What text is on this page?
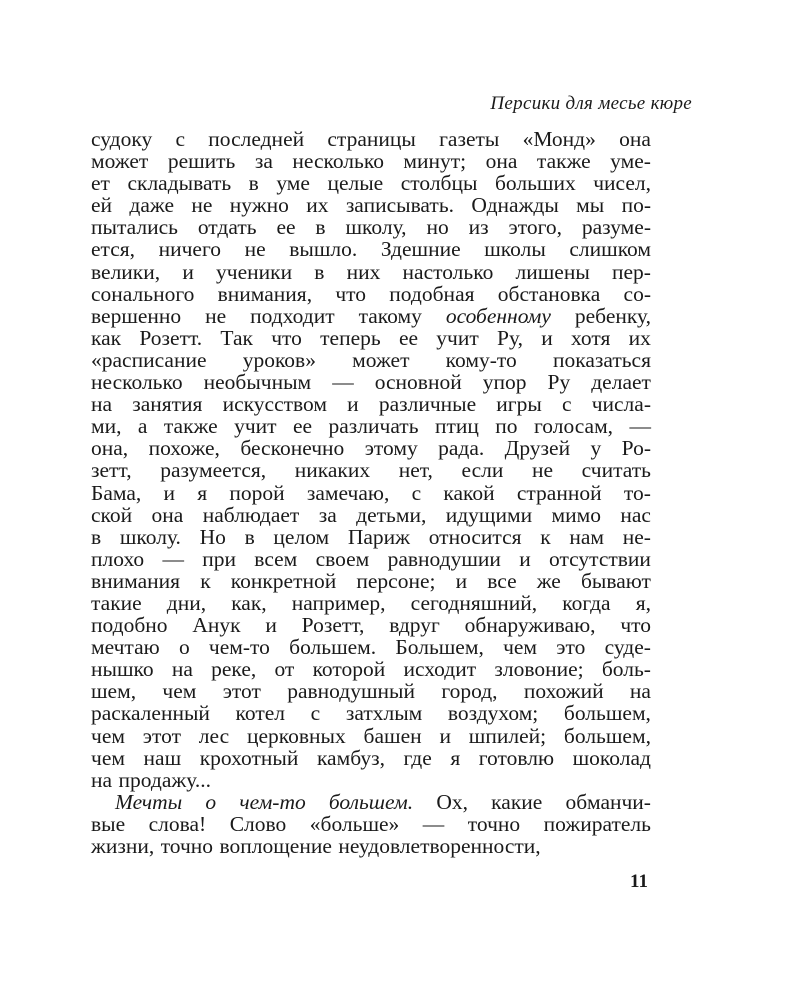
Персики для месье кюре
судоку с последней страницы газеты «Монд» она
может решить за несколько минут; она также уме-
ет складывать в уме целые столбцы больших чисел,
ей даже не нужно их записывать. Однажды мы по-
пытались отдать ее в школу, но из этого, разуме-
ется, ничего не вышло. Здешние школы слишком
велики, и ученики в них настолько лишены пер-
сонального внимания, что подобная обстановка со-
вершенно не подходит такому особенному ребенку,
как Розетт. Так что теперь ее учит Ру, и хотя их
«расписание уроков» может кому-то показаться
несколько необычным — основной упор Ру делает
на занятия искусством и различные игры с числа-
ми, а также учит ее различать птиц по голосам, —
она, похоже, бесконечно этому рада. Друзей у Ро-
зетт, разумеется, никаких нет, если не считать
Бама, и я порой замечаю, с какой странной то-
ской она наблюдает за детьми, идущими мимо нас
в школу. Но в целом Париж относится к нам не-
плохо — при всем своем равнодушии и отсутствии
внимания к конкретной персоне; и все же бывают
такие дни, как, например, сегодняшний, когда я,
подобно Анук и Розетт, вдруг обнаруживаю, что
мечтаю о чем-то большем. Большем, чем это суде-
нышко на реке, от которой исходит зловоние; боль-
шем, чем этот равнодушный город, похожий на
раскаленный котел с затхлым воздухом; большем,
чем этот лес церковных башен и шпилей; большем,
чем наш крохотный камбуз, где я готовлю шоколад
на продажу...
Мечты о чем-то большем. Ох, какие обманчи-
вые слова! Слово «больше» — точно пожиратель
жизни, точно воплощение неудовлетворенности,
11
